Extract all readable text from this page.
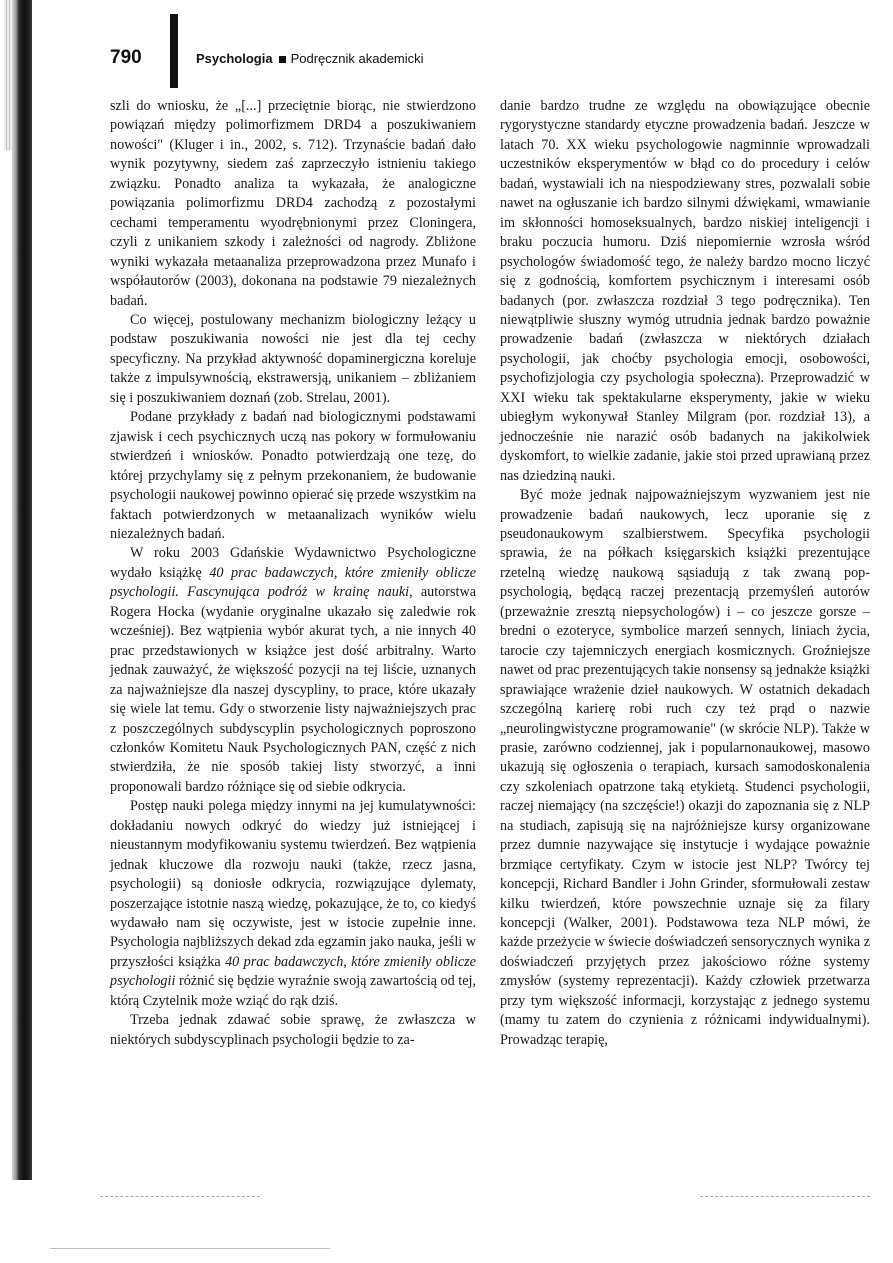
790	Psychologia Podręcznik akademicki

szli do wniosku, że „[...] przeciętnie biorąc, nie stwierdzono powiązań między polimorfizmem DRD4 a poszukiwaniem nowości" (Kluger i in., 2002, s. 712). Trzynaście badań dało wynik pozytywny, siedem zaś zaprzeczyło istnieniu takiego związku. Ponadto analiza ta wykazała, że analogiczne powiązania polimorfizmu DRD4 zachodzą z pozostałymi cechami temperamentu wyodrębnionymi przez Cloningera, czyli z unikaniem szkody i zależności od nagrody. Zbliżone wyniki wykazała metaanaliza przeprowadzona przez Munafo i współautorów (2003), dokonana na podstawie 79 niezależnych badań.

Co więcej, postulowany mechanizm biologiczny leżący u podstaw poszukiwania nowości nie jest dla tej cechy specyficzny. Na przykład aktywność dopaminergiczna koreluje także z impulsywnością, ekstrawersją, unikaniem – zbliżaniem się i poszukiwaniem doznań (zob. Strelau, 2001).

Podane przykłady z badań nad biologicznymi podstawami zjawisk i cech psychicznych uczą nas pokory w formułowaniu stwierdzeń i wniosków. Ponadto potwierdzają one tezę, do której przychylamy się z pełnym przekonaniem, że budowanie psychologii naukowej powinno opierać się przede wszystkim na faktach potwierdzonych w metaanalizach wyników wielu niezależnych badań.

W roku 2003 Gdańskie Wydawnictwo Psychologiczne wydało książkę 40 prac badawczych, które zmieniły oblicze psychologii. Fascynująca podróż w krainę nauki, autorstwa Rogera Hocka (wydanie oryginalne ukazało się zaledwie rok wcześniej). Bez wątpienia wybór akurat tych, a nie innych 40 prac przedstawionych w książce jest dość arbitralny. Warto jednak zauważyć, że większość pozycji na tej liście, uznanych za najważniejsze dla naszej dyscypliny, to prace, które ukazały się wiele lat temu. Gdy o stworzenie listy najważniejszych prac z poszczególnych subdyscyplin psychologicznych poproszono członków Komitetu Nauk Psychologicznych PAN, część z nich stwierdziła, że nie sposób takiej listy stworzyć, a inni proponowali bardzo różniące się od siebie odkrycia.

Postęp nauki polega między innymi na jej kumulatywności: dokładaniu nowych odkryć do wiedzy już istniejącej i nieustannym modyfikowaniu systemu twierdzeń. Bez wątpienia jednak kluczowe dla rozwoju nauki (także, rzecz jasna, psychologii) są doniosłe odkrycia, rozwiązujące dylematy, poszerzające istotnie naszą wiedzę, pokazujące, że to, co kiedyś wydawało nam się oczywiste, jest w istocie zupełnie inne. Psychologia najbliższych dekad zda egzamin jako nauka, jeśli w przyszłości książka 40 prac badawczych, które zmieniły oblicze psychologii różnić się będzie wyraźnie swoją zawartością od tej, którą Czytelnik może wziąć do rąk dziś.

Trzeba jednak zdawać sobie sprawę, że zwłaszcza w niektórych subdyscyplinach psychologii będzie to za-

danie bardzo trudne ze względu na obowiązujące obecnie rygorystyczne standardy etyczne prowadzenia badań. Jeszcze w latach 70. XX wieku psychologowie nagminnie wprowadzali uczestników eksperymentów w błąd co do procedury i celów badań, wystawiali ich na niespodziewany stres, pozwalali sobie nawet na ogłuszanie ich bardzo silnymi dźwiękami, wmawianie im skłonności homoseksualnych, bardzo niskiej inteligencji i braku poczucia humoru. Dziś niepomiernie wzrosła wśród psychologów świadomość tego, że należy bardzo mocno liczyć się z godnością, komfortem psychicznym i interesami osób badanych (por. zwłaszcza rozdział 3 tego podręcznika). Ten niewątpliwie słuszny wymóg utrudnia jednak bardzo poważnie prowadzenie badań (zwłaszcza w niektórych działach psychologii, jak choćby psychologia emocji, osobowości, psychofizjologia czy psychologia społeczna). Przeprowadzić w XXI wieku tak spektakularne eksperymenty, jakie w wieku ubiegłym wykonywał Stanley Milgram (por. rozdział 13), a jednocześnie nie narazić osób badanych na jakikolwiek dyskomfort, to wielkie zadanie, jakie stoi przed uprawianą przez nas dziedziną nauki.

Być może jednak najpoważniejszym wyzwaniem jest nie prowadzenie badań naukowych, lecz uporanie się z pseudonaukowym szalbierstwem. Specyfika psychologii sprawia, że na półkach księgarskich książki prezentujące rzetelną wiedzę naukową sąsiadują z tak zwaną pop-psychologią, będącą raczej prezentacją przemyśleń autorów (przeważnie zresztą niepsychologów) i – co jeszcze gorsze – bredni o ezoteryce, symbolice marzeń sennych, liniach życia, tarocie czy tajemniczych energiach kosmicznych. Groźniejsze nawet od prac prezentujących takie nonsensy są jednakże książki sprawiające wrażenie dzieł naukowych. W ostatnich dekadach szczególną karierę robi ruch czy też prąd o nazwie „neurolingwistyczne programowanie" (w skrócie NLP). Także w prasie, zarówno codziennej, jak i popularnonaukowej, masowo ukazują się ogłoszenia o terapiach, kursach samodoskonalenia czy szkoleniach opatrzone taką etykietą. Studenci psychologii, raczej niemający (na szczęście!) okazji do zapoznania się z NLP na studiach, zapisują się na najróżniejsze kursy organizowane przez dumnie nazywające się instytucje i wydające poważnie brzmiące certyfikaty. Czym w istocie jest NLP? Twórcy tej koncepcji, Richard Bandler i John Grinder, sformułowali zestaw kilku twierdzeń, które powszechnie uznaje się za filary koncepcji (Walker, 2001). Podstawowa teza NLP mówi, że każde przeżycie w świecie doświadczeń sensorycznych wynika z doświadczeń przyjętych przez jakościowo różne systemy zmysłów (systemy reprezentacji). Każdy człowiek przetwarza przy tym większość informacji, korzystając z jednego systemu (mamy tu zatem do czynienia z różnicami indywidualnymi). Prowadząc terapię,
